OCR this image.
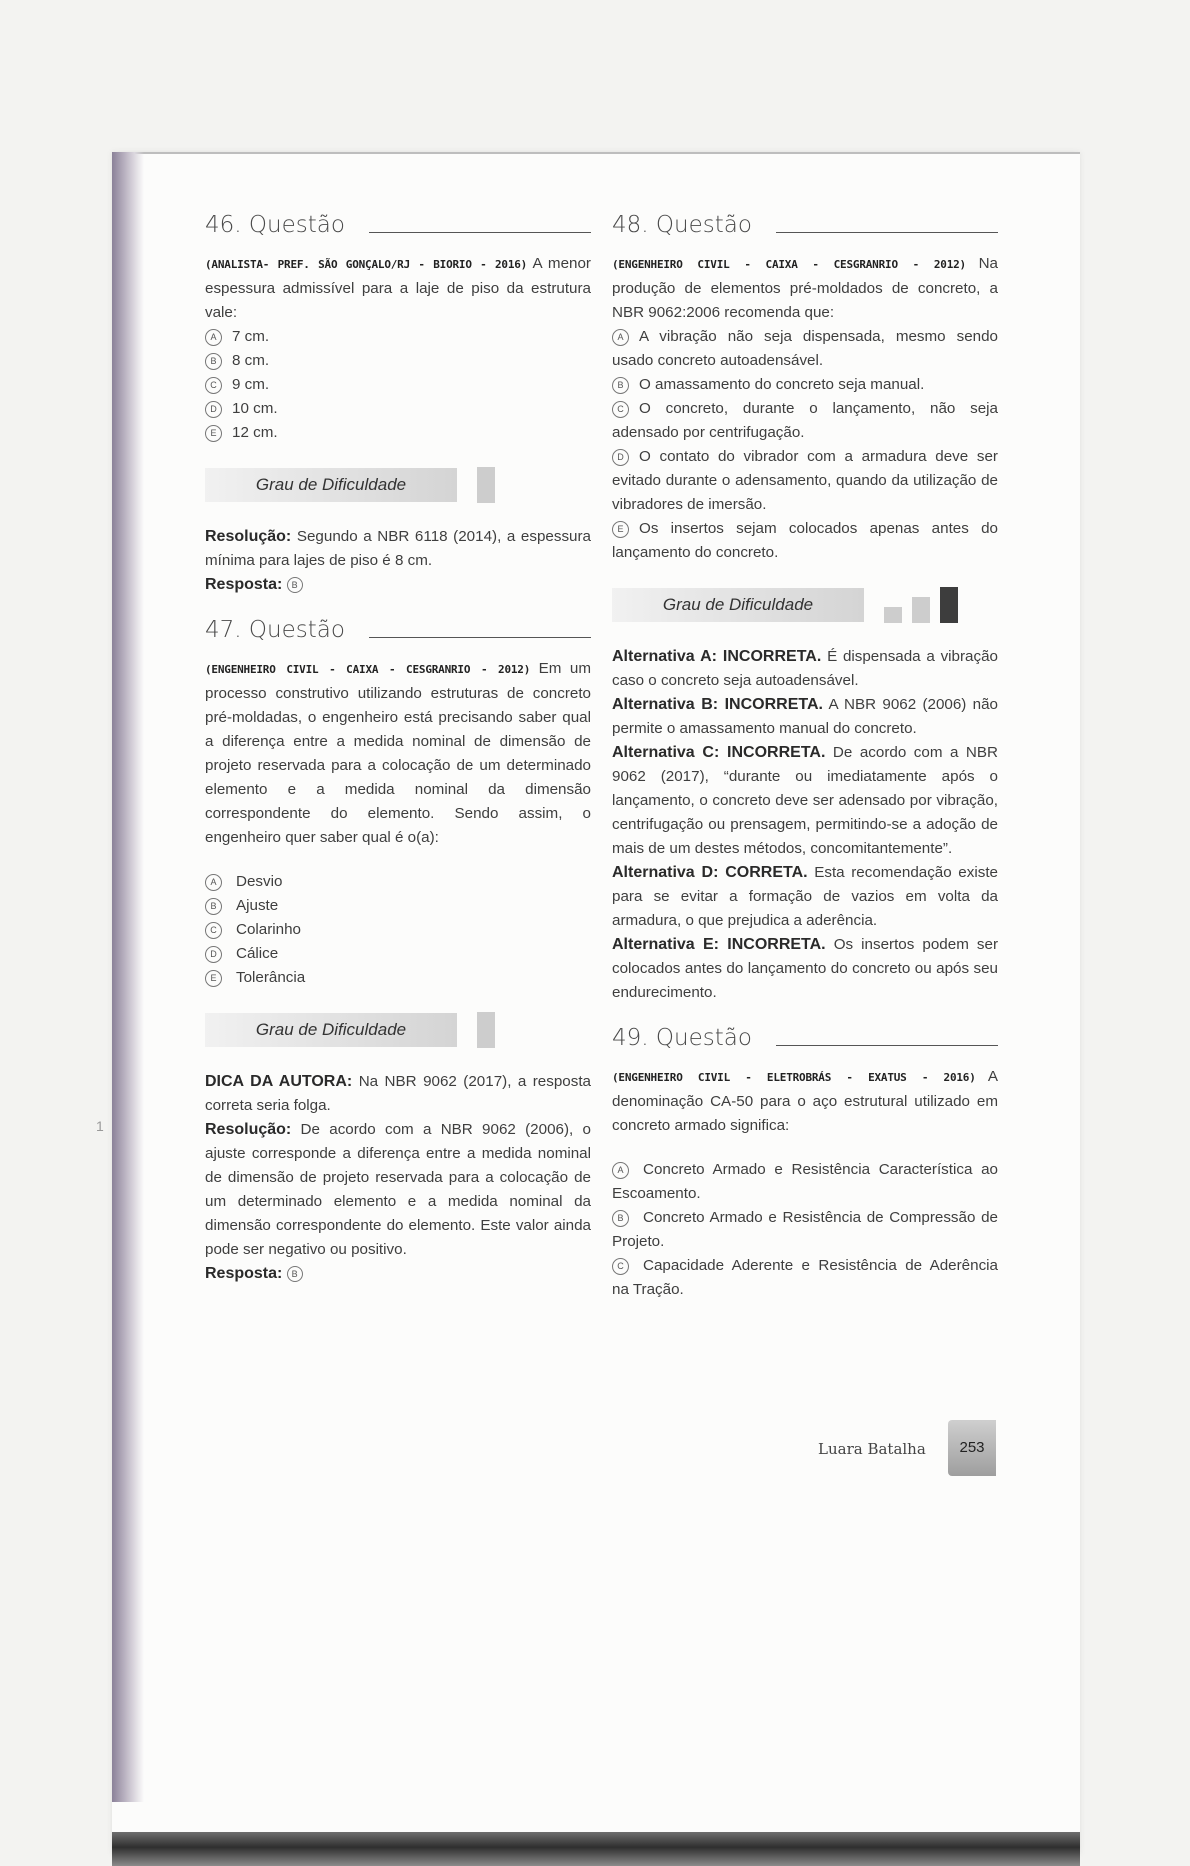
1
46. Questão

(ANALISTA- PREF. SÃO GONÇALO/RJ - BIORIO - 2016) A menor espessura admissível para a laje de piso da estrutura vale:

A 7 cm.
B 8 cm.
C 9 cm.
D 10 cm.
E 12 cm.
Grau de Dificuldade

Resolução: Segundo a NBR 6118 (2014), a espessura mínima para lajes de piso é 8 cm.

Resposta: B

47. Questão

(ENGENHEIRO CIVIL - CAIXA - CESGRANRIO - 2012) Em um processo construtivo utilizando estruturas de concreto pré-moldadas, o engenheiro está precisando saber qual a diferença entre a medida nominal de dimensão de projeto reservada para a colocação de um determinado elemento e a medida nominal da dimensão correspondente do elemento. Sendo assim, o engenheiro quer saber qual é o(a):

A Desvio
B Ajuste
C Colarinho
D Cálice
E Tolerância
Grau de Dificuldade

DICA DA AUTORA: Na NBR 9062 (2017), a resposta correta seria folga.

Resolução: De acordo com a NBR 9062 (2006), o ajuste corresponde a diferença entre a medida nominal de dimensão de projeto reservada para a colocação de um determinado elemento e a medida nominal da dimensão correspondente do elemento. Este valor ainda pode ser negativo ou positivo.

Resposta: B

48. Questão

(ENGENHEIRO CIVIL - CAIXA - CESGRANRIO - 2012) Na produção de elementos pré-moldados de concreto, a NBR 9062:2006 recomenda que:

A A vibração não seja dispensada, mesmo sendo usado concreto autoadensável.
B O amassamento do concreto seja manual.
C O concreto, durante o lançamento, não seja adensado por centrifugação.
D O contato do vibrador com a armadura deve ser evitado durante o adensamento, quando da utilização de vibradores de imersão.
E Os insertos sejam colocados apenas antes do lançamento do concreto.
Grau de Dificuldade

Alternativa A: INCORRETA. É dispensada a vibração caso o concreto seja autoadensável.

Alternativa B: INCORRETA. A NBR 9062 (2006) não permite o amassamento manual do concreto.

Alternativa C: INCORRETA. De acordo com a NBR 9062 (2017), “durante ou imediatamente após o lançamento, o concreto deve ser adensado por vibração, centrifugação ou prensagem, permitindo-se a adoção de mais de um destes métodos, concomitantemente”.

Alternativa D: CORRETA. Esta recomendação existe para se evitar a formação de vazios em volta da armadura, o que prejudica a aderência.

Alternativa E: INCORRETA. Os insertos podem ser colocados antes do lançamento do concreto ou após seu endurecimento.

49. Questão

(ENGENHEIRO CIVIL - ELETROBRÁS - EXATUS - 2016) A denominação CA-50 para o aço estrutural utilizado em concreto armado significa:

A Concreto Armado e Resistência Característica ao Escoamento.
B Concreto Armado e Resistência de Compressão de Projeto.
C Capacidade Aderente e Resistência de Aderência na Tração.
Luara Batalha	253
